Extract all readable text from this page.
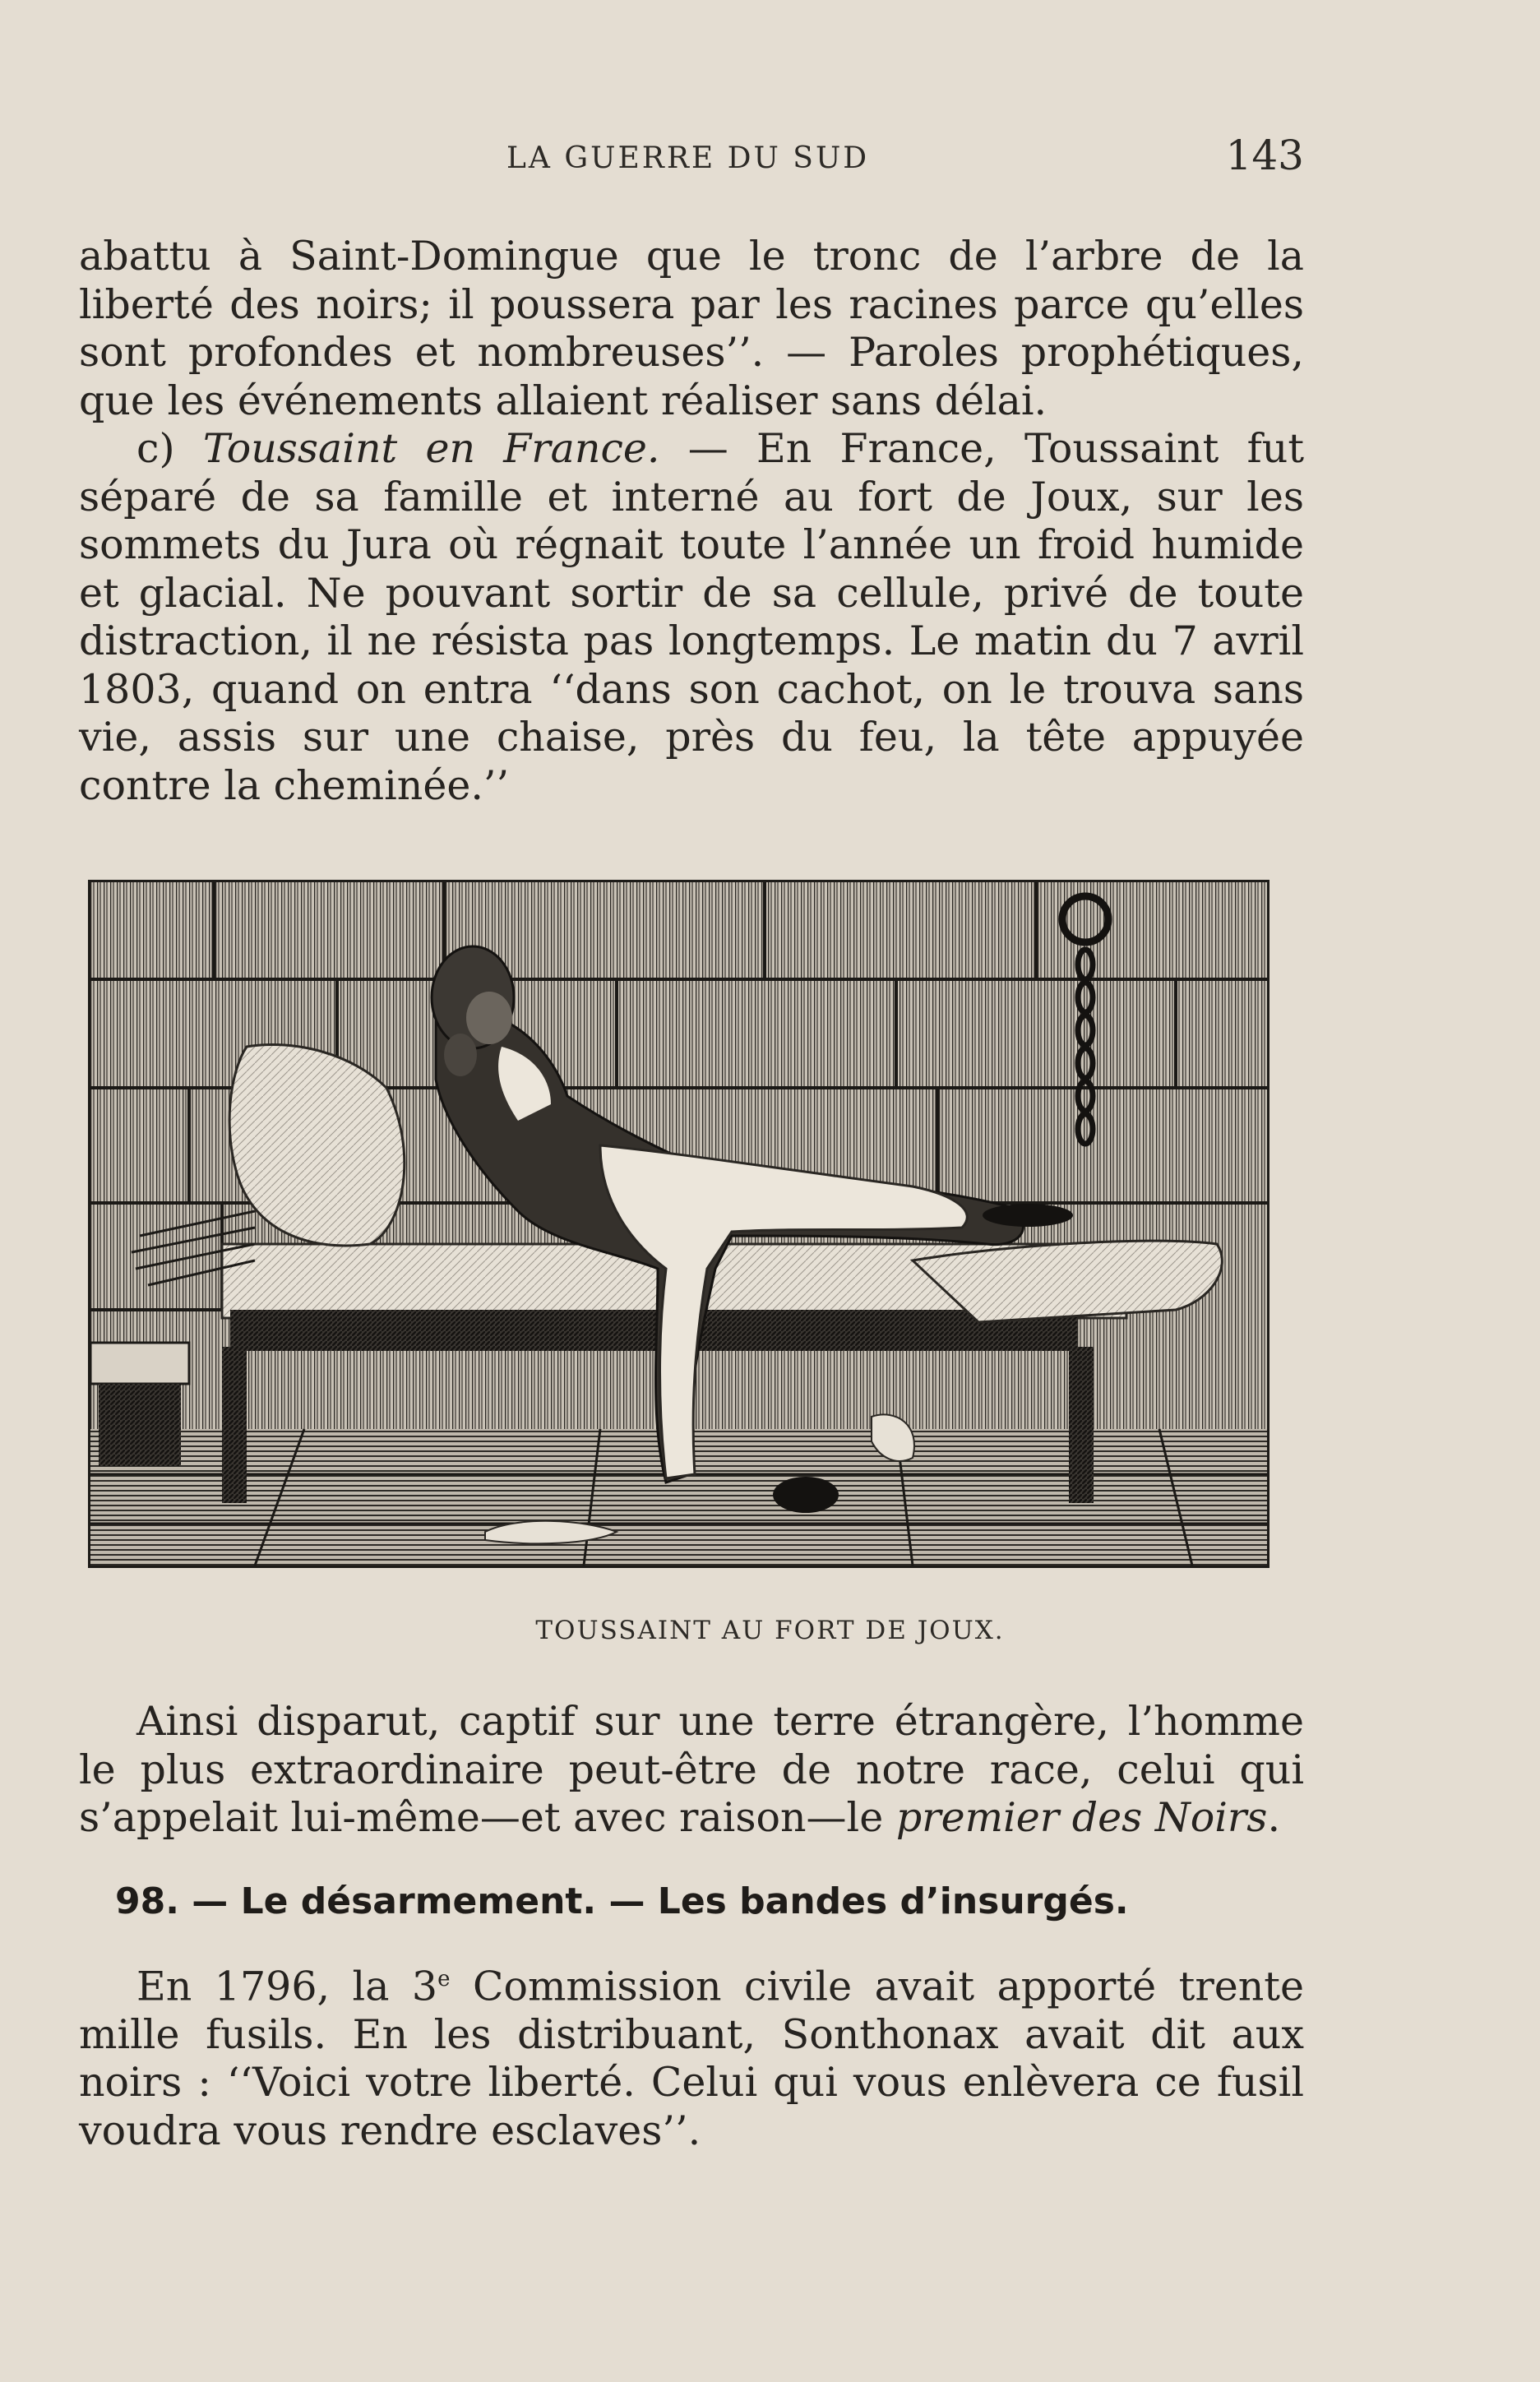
LA GUERRE DU SUD	143

abattu à Saint-Domingue que le tronc de l’arbre de la liberté des noirs; il poussera par les racines parce qu’elles sont profondes et nombreuses’’. — Paroles prophétiques, que les événements allaient réaliser sans délai.

c) Toussaint en France. — En France, Toussaint fut séparé de sa famille et interné au fort de Joux, sur les sommets du Jura où régnait toute l’année un froid humide et glacial. Ne pouvant sortir de sa cellule, privé de toute distraction, il ne résista pas longtemps. Le matin du 7 avril 1803, quand on entra ‘‘dans son cachot, on le trouva sans vie, assis sur une chaise, près du feu, la tête appuyée contre la cheminée.’’

TOUSSAINT AU FORT DE JOUX.

Ainsi disparut, captif sur une terre étrangère, l’homme le plus extraordinaire peut-être de notre race, celui qui s’appelait lui-même—et avec raison—le premier des Noirs.

98. — Le désarmement. — Les bandes d’insurgés.

En 1796, la 3e Commission civile avait apporté trente mille fusils. En les distribuant, Sonthonax avait dit aux noirs : ‘‘Voici votre liberté. Celui qui vous enlèvera ce fusil voudra vous rendre esclaves’’.
